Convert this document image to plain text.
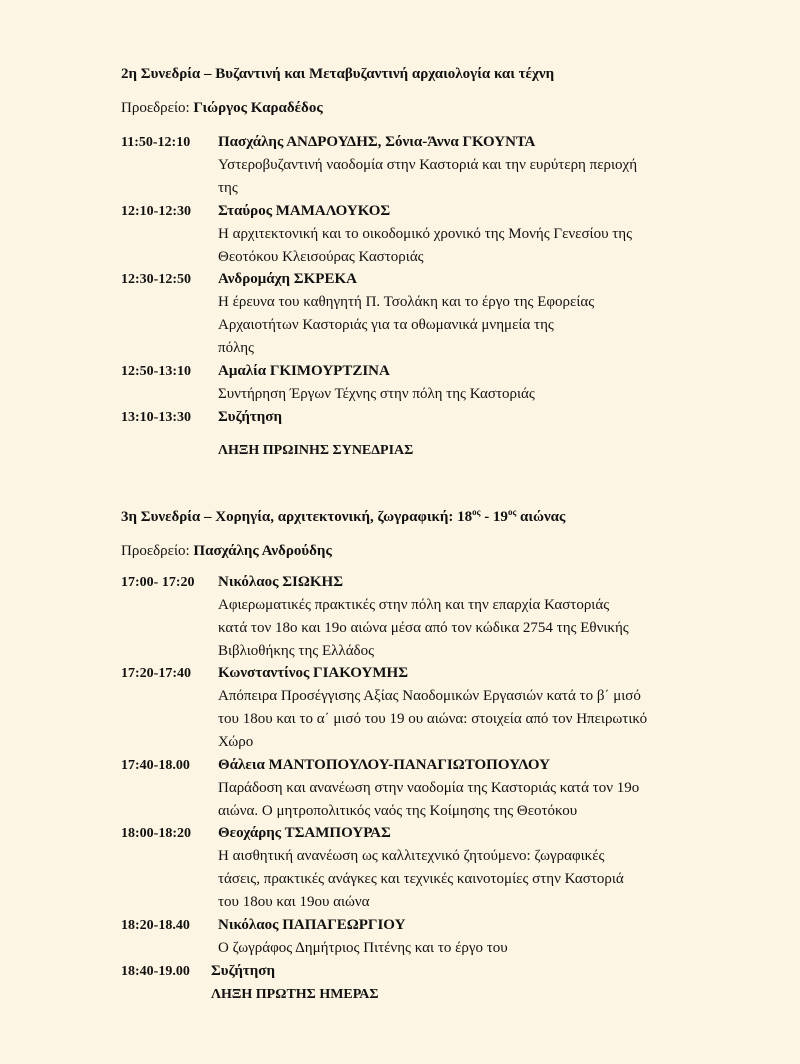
2η Συνεδρία – Βυζαντινή και Μεταβυζαντινή αρχαιολογία και τέχνη
Προεδρείο: Γιώργος Καραδέδος
11:50-12:10 Πασχάλης ΑΝΔΡΟΥΔΗΣ, Σόνια-Άννα ΓΚΟΥΝΤΑ
Υστεροβυζαντινή ναοδομία στην Καστοριά και την ευρύτερη περιοχή
της
12:10-12:30 Σταύρος ΜΑΜΑΛΟΥΚΟΣ
Η αρχιτεκτονική και το οικοδομικό χρονικό της Μονής Γενεσίου της
Θεοτόκου Κλεισούρας Καστοριάς
12:30-12:50 Ανδρομάχη ΣΚΡΕΚΑ
Η έρευνα του καθηγητή Π. Τσολάκη και το έργο της Εφορείας
Αρχαιοτήτων Καστοριάς για τα οθωμανικά μνημεία της
πόλης
12:50-13:10 Αμαλία ΓΚΙΜΟΥΡΤΖΙΝΑ
Συντήρηση Έργων Τέχνης στην πόλη της Καστοριάς
13:10-13:30 Συζήτηση
ΛΗΞΗ ΠΡΩΙΝΗΣ ΣΥΝΕΔΡΙΑΣ
3η Συνεδρία – Χορηγία, αρχιτεκτονική, ζωγραφική: $18^{o\varsigma} - 19^{o\varsigma}$ αιώνας
Προεδρείο: Πασχάλης Ανδρούδης
17:00- 17:20 Νικόλαος ΣΙΩΚΗΣ
Αφιερωματικές πρακτικές στην πόλη και την επαρχία Καστοριάς
κατά τον 18ο και 19ο αιώνα μέσα από τον κώδικα 2754 της Εθνικής
Βιβλιοθήκης της Ελλάδος
17:20-17:40 Κωνσταντίνος ΓΙΑΚΟΥΜΗΣ
Απόπειρα Προσέγγισης Αξίας Ναοδομικών Εργασιών κατά το β΄ μισό
του 18ου και το α΄ μισό του 19 ου αιώνα: στοιχεία από τον Ηπειρωτικό
Χώρο
17:40-18.00 Θάλεια ΜΑΝΤΟΠΟΥΛΟΥ-ΠΑΝΑΓΙΩΤΟΠΟΥΛΟΥ
Παράδοση και ανανέωση στην ναοδομία της Καστοριάς κατά τον 19ο
αιώνα. Ο μητροπολιτικός ναός της Κοίμησης της Θεοτόκου
18:00-18:20 Θεοχάρης ΤΣΑΜΠΟΥΡΑΣ
Η αισθητική ανανέωση ως καλλιτεχνικό ζητούμενο: ζωγραφικές
τάσεις, πρακτικές ανάγκες και τεχνικές καινοτομίες στην Καστοριά
του 18ου και 19ου αιώνα
18:20-18.40 Νικόλαος ΠΑΠΑΓΕΩΡΓΙΟΥ
Ο ζωγράφος Δημήτριος Πιτένης και το έργο του
18:40-19.00 Συζήτηση
ΛΗΞΗ ΠΡΩΤΗΣ ΗΜΕΡΑΣ
